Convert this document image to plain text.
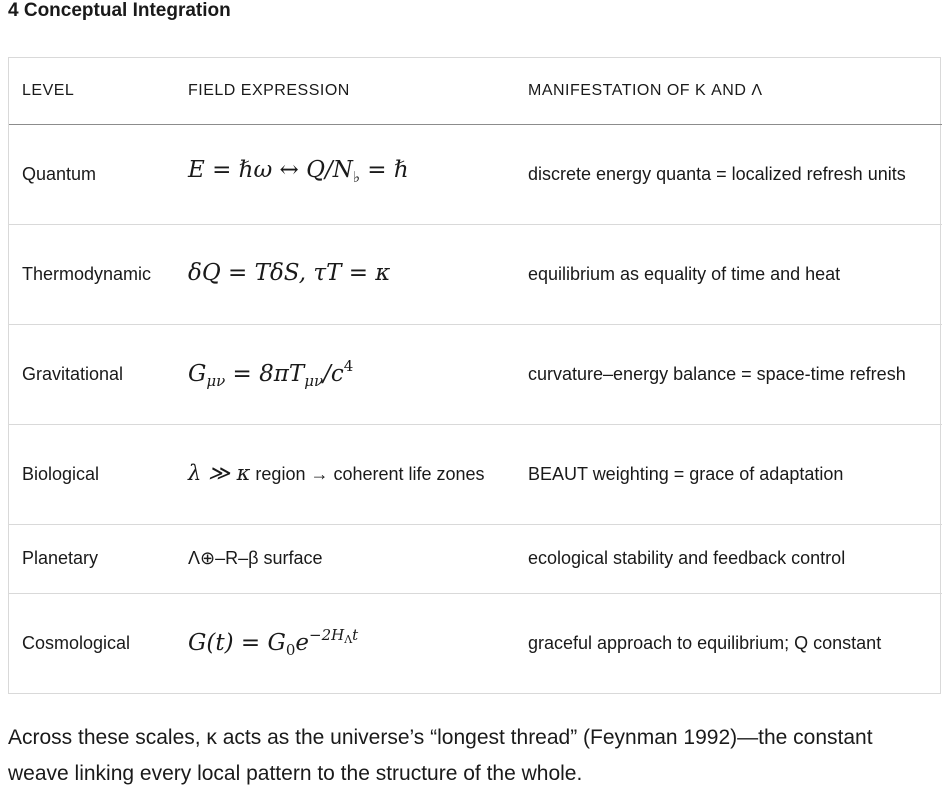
4 Conceptual Integration
LEVEL	FIELD EXPRESSION	MANIFESTATION OF Κ AND Λ
Quantum	E = ℏω ↔ $Q/N_♭$ = ℏ	discrete energy quanta = localized refresh units
Thermodynamic	δQ = TδS, τT = κ	equilibrium as equality of time and heat
Gravitational	$G_{\mu\nu} = 8\pi T_{\mu\nu}/c^4$	curvature–energy balance = space-time refresh
Biological	λ ≫ κ region → coherent life zones	BEAUT weighting = grace of adaptation
Planetary	Λ⊕–R–β surface	ecological stability and feedback control
Cosmological	$G(t) = G_0e^{-2H_\Lambda t}$	graceful approach to equilibrium; Q constant
Across these scales, κ acts as the universe’s “longest thread” (Feynman 1992)—the constant weave linking every local pattern to the structure of the whole.
